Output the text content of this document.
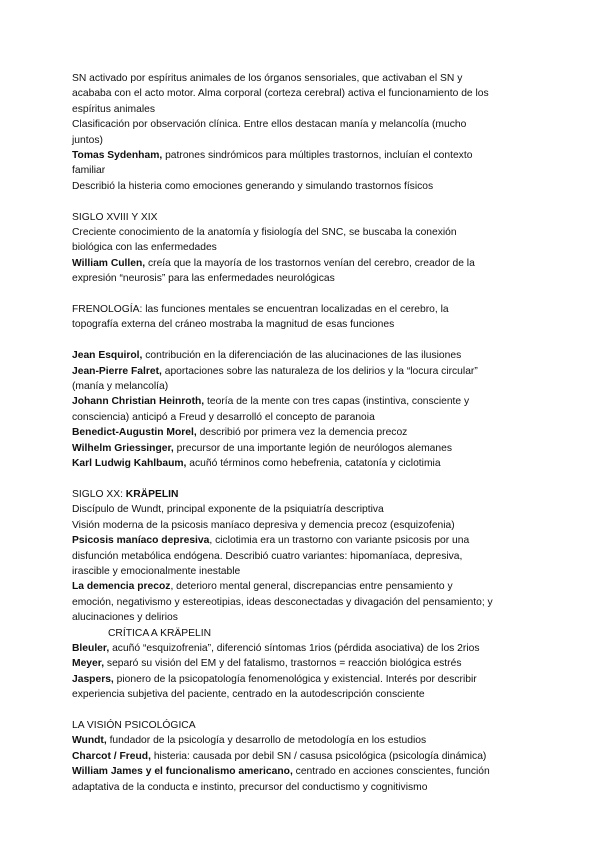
SN activado por espíritus animales de los órganos sensoriales, que activaban el SN y
acababa con el acto motor. Alma corporal (corteza cerebral) activa el funcionamiento de los
espíritus animales
Clasificación por observación clínica. Entre ellos destacan manía y melancolía (mucho
juntos)
Tomas Sydenham, patrones sindrómicos para múltiples trastornos, incluían el contexto
familiar
Describió la histeria como emociones generando y simulando trastornos físicos
SIGLO XVIII Y XIX
Creciente conocimiento de la anatomía y fisiología del SNC, se buscaba la conexión
biológica con las enfermedades
William Cullen, creía que la mayoría de los trastornos venían del cerebro, creador de la
expresión “neurosis” para las enfermedades neurológicas
FRENOLOGÍA: las funciones mentales se encuentran localizadas en el cerebro, la
topografía externa del cráneo mostraba la magnitud de esas funciones
Jean Esquirol, contribución en la diferenciación de las alucinaciones de las ilusiones
Jean-Pierre Falret, aportaciones sobre las naturaleza de los delirios y la “locura circular”
(manía y melancolía)
Johann Christian Heinroth, teoría de la mente con tres capas (instintiva, consciente y
consciencia) anticipó a Freud y desarrolló el concepto de paranoia
Benedict-Augustin Morel, describió por primera vez la demencia precoz
Wilhelm Griessinger, precursor de una importante legión de neurólogos alemanes
Karl Ludwig Kahlbaum, acuñó términos como hebefrenia, catatonía y ciclotimia
SIGLO XX: KRÄPELIN
Discípulo de Wundt, principal exponente de la psiquiatría descriptiva
Visión moderna de la psicosis maníaco depresiva y demencia precoz (esquizofenia)
Psicosis maníaco depresiva, ciclotimia era un trastorno con variante psicosis por una
disfunción metabólica endógena. Describió cuatro variantes: hipomaníaca, depresiva,
irascible y emocionalmente inestable
La demencia precoz, deterioro mental general, discrepancias entre pensamiento y
emoción, negativismo y estereotipias, ideas desconectadas y divagación del pensamiento; y
alucinaciones y delirios
CRÍTICA A KRÄPELIN
Bleuler, acuñó “esquizofrenia”, diferenció síntomas 1rios (pérdida asociativa) de los 2rios
Meyer, separó su visión del EM y del fatalismo, trastornos = reacción biológica estrés
Jaspers, pionero de la psicopatología fenomenológica y existencial. Interés por describir
experiencia subjetiva del paciente, centrado en la autodescripción consciente
LA VISIÓN PSICOLÓGICA
Wundt, fundador de la psicología y desarrollo de metodología en los estudios
Charcot / Freud, histeria: causada por debil SN / casusa psicológica (psicología dinámica)
William James y el funcionalismo americano, centrado en acciones conscientes, función
adaptativa de la conducta e instinto, precursor del conductismo y cognitivismo
